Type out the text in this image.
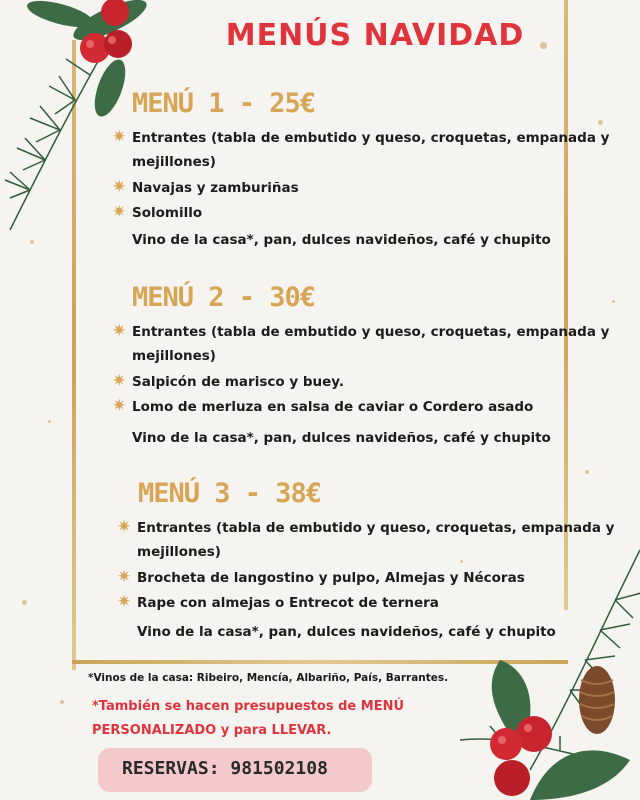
MENÚS NAVIDAD
MENÚ 1 - 25€
✷ Entrantes (tabla de embutido y queso, croquetas, empanada y
mejillones)
✷ Navajas y zamburiñas
✷ Solomillo
Vino de la casa*, pan, dulces navideños, café y chupito
MENÚ 2 - 30€
✷ Entrantes (tabla de embutido y queso, croquetas, empanada y
mejillones)
✷ Salpicón de marisco y buey.
✷ Lomo de merluza en salsa de caviar o Cordero asado
Vino de la casa*, pan, dulces navideños, café y chupito
MENÚ 3 - 38€
✷ Entrantes (tabla de embutido y queso, croquetas, empanada y
mejillones)
✷ Brocheta de langostino y pulpo, Almejas y Nécoras
✷ Rape con almejas o Entrecot de ternera
Vino de la casa*, pan, dulces navideños, café y chupito
*Vinos de la casa: Ribeiro, Mencía, Albariño, País, Barrantes.
*También se hacen presupuestos de MENÚ
PERSONALIZADO y para LLEVAR.
RESERVAS: 981502108
